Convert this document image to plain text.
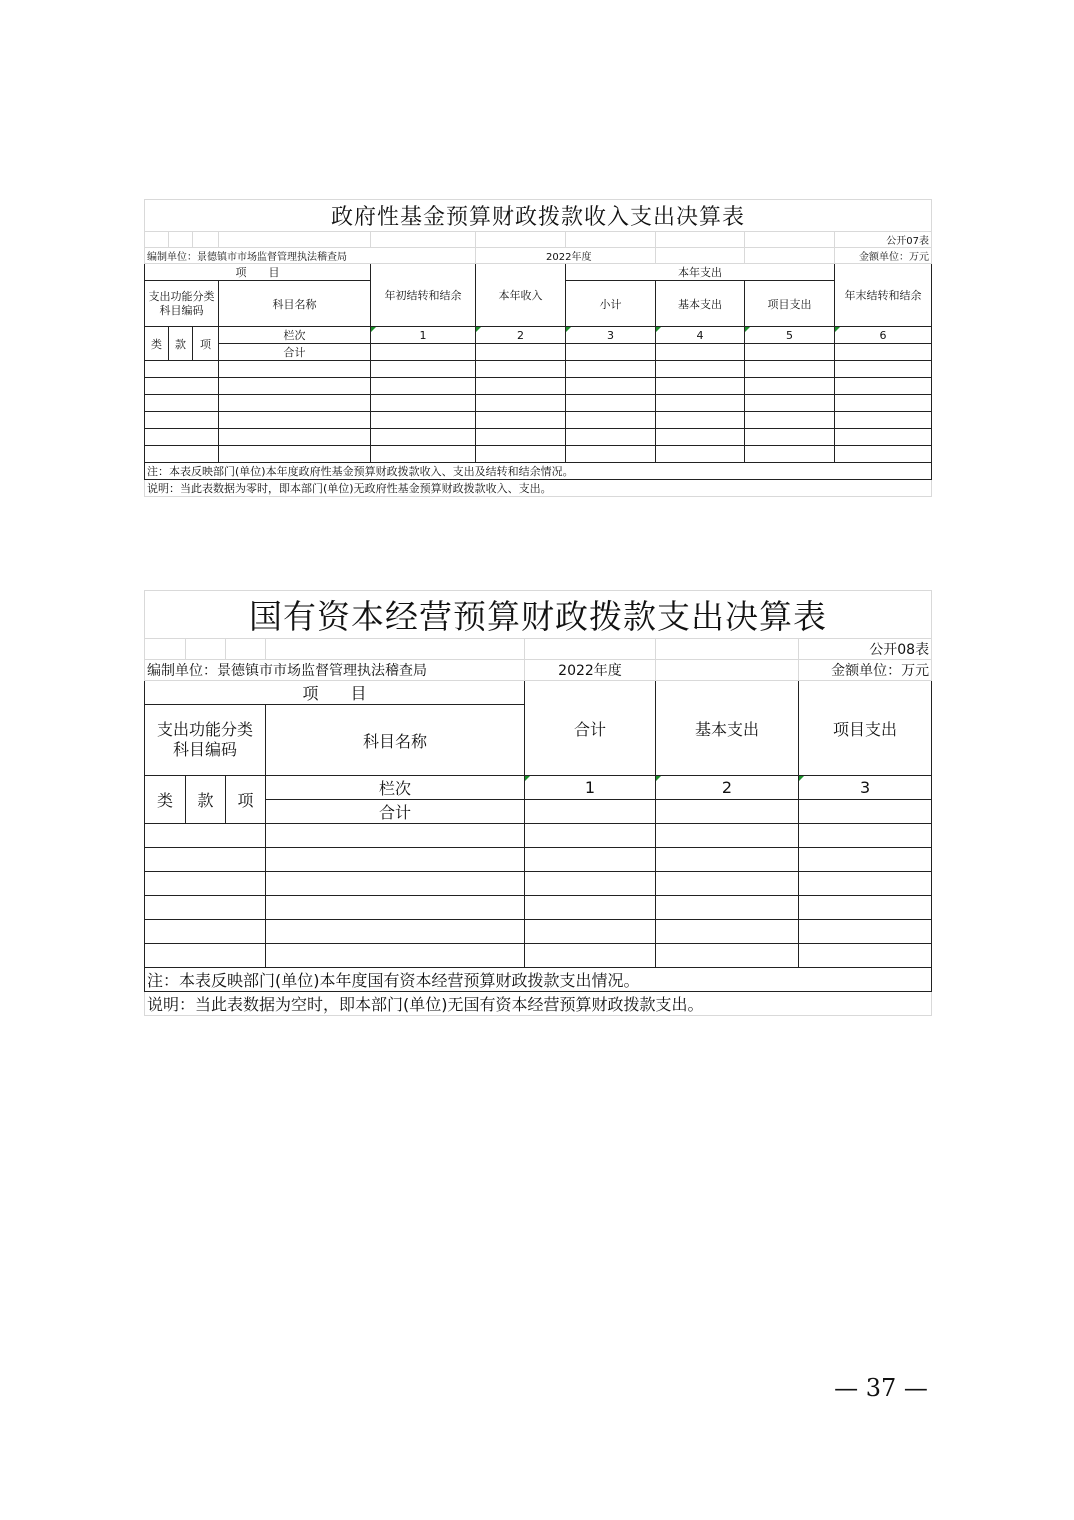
政府性基金预算财政拨款收入支出决算表									
									公开07表
编制单位：景德镇市市场监督管理执法稽查局					2022年度				金额单位：万元
项　　目				年初结转和结余	本年收入	本年支出			年末结转和结余
支出功能分类科目编码			科目名称			小计	基本支出	项目支出	
类	款	项	栏次	1	2	3	4	5	6
			合计						

注：本表反映部门(单位)本年度政府性基金预算财政拨款收入、支出及结转和结余情况。									
说明：当此表数据为零时，即本部门(单位)无政府性基金预算财政拨款收入、支出。									
国有资本经营预算财政拨款支出决算表						
						公开08表
编制单位：景德镇市市场监督管理执法稽查局				2022年度		金额单位：万元
项　　目				合计	基本支出	项目支出
支出功能分类科目编码			科目名称			
类	款	项	栏次	1	2	3
			合计			

注：本表反映部门(单位)本年度国有资本经营预算财政拨款支出情况。						
说明：当此表数据为空时，即本部门(单位)无国有资本经营预算财政拨款支出。						
— 37 —
